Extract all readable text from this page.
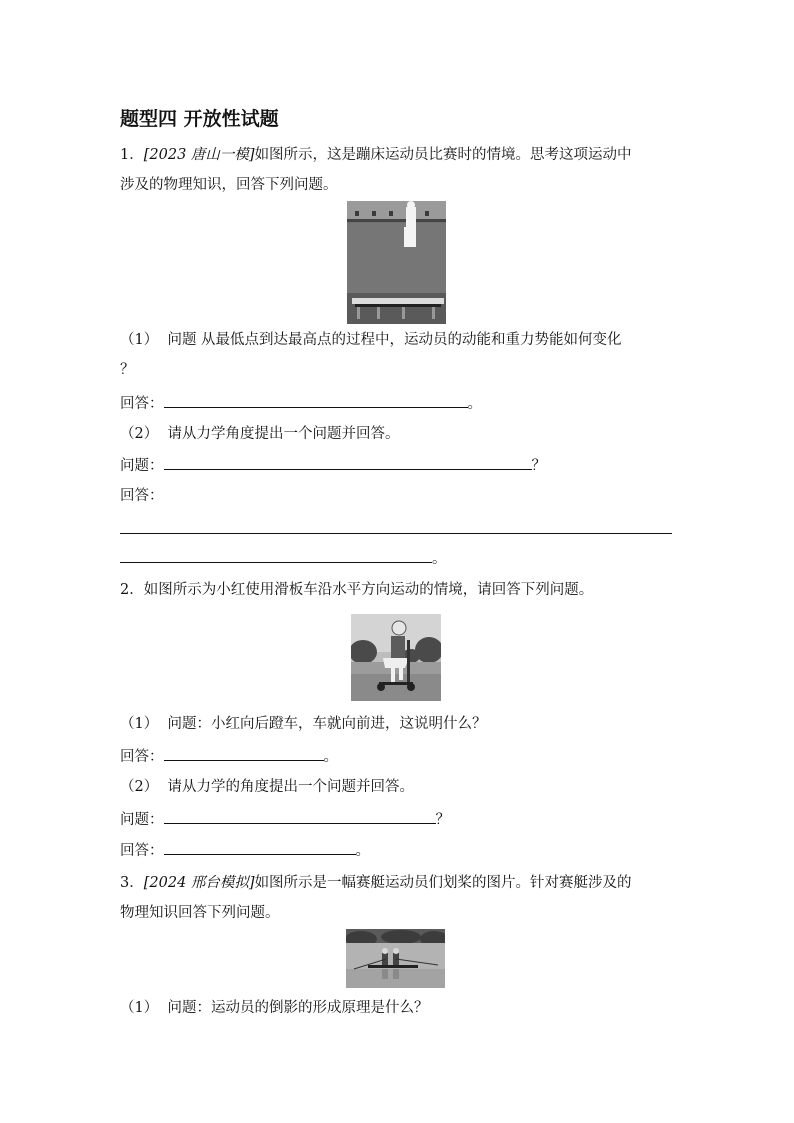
题型四 开放性试题
1．[2023 唐山一模]如图所示，这是蹦床运动员比赛时的情境。思考这项运动中
涉及的物理知识，回答下列问题。
（1） 问题 从最低点到达最高点的过程中，运动员的动能和重力势能如何变化
？
回答：	。
（2） 请从力学角度提出一个问题并回答。
问题：	？
回答：
。
2．如图所示为小红使用滑板车沿水平方向运动的情境，请回答下列问题。
（1） 问题：小红向后蹬车，车就向前进，这说明什么？
回答：	。
（2） 请从力学的角度提出一个问题并回答。
问题：	？
回答：	。
3．[2024 邢台模拟]如图所示是一幅赛艇运动员们划桨的图片。针对赛艇涉及的
物理知识回答下列问题。
（1） 问题：运动员的倒影的形成原理是什么？
